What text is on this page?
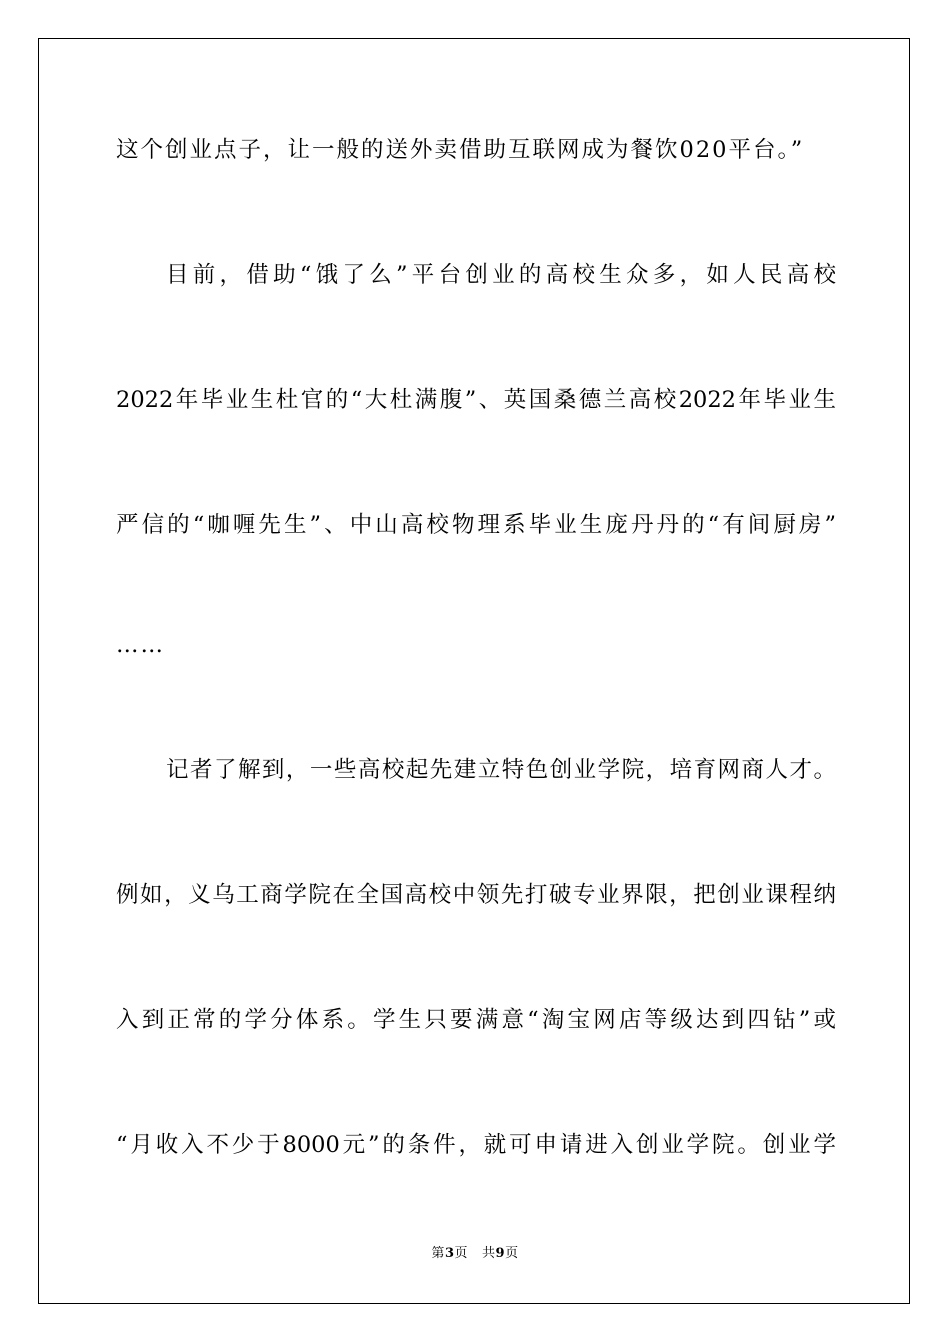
这个创业点子，让一般的送外卖借助互联网成为餐饮020平台。”

目前，借助“饿了么”平台创业的高校生众多，如人民高校

2022年毕业生杜官的“大杜满腹”、英国桑德兰高校2022年毕业生

严信的“咖喱先生”、中山高校物理系毕业生庞丹丹的“有间厨房”

……

记者了解到，一些高校起先建立特色创业学院，培育网商人才。

例如，义乌工商学院在全国高校中领先打破专业界限，把创业课程纳

入到正常的学分体系。学生只要满意“淘宝网店等级达到四钻”或

“月收入不少于8000元”的条件，就可申请进入创业学院。创业学

第3页 共9页
